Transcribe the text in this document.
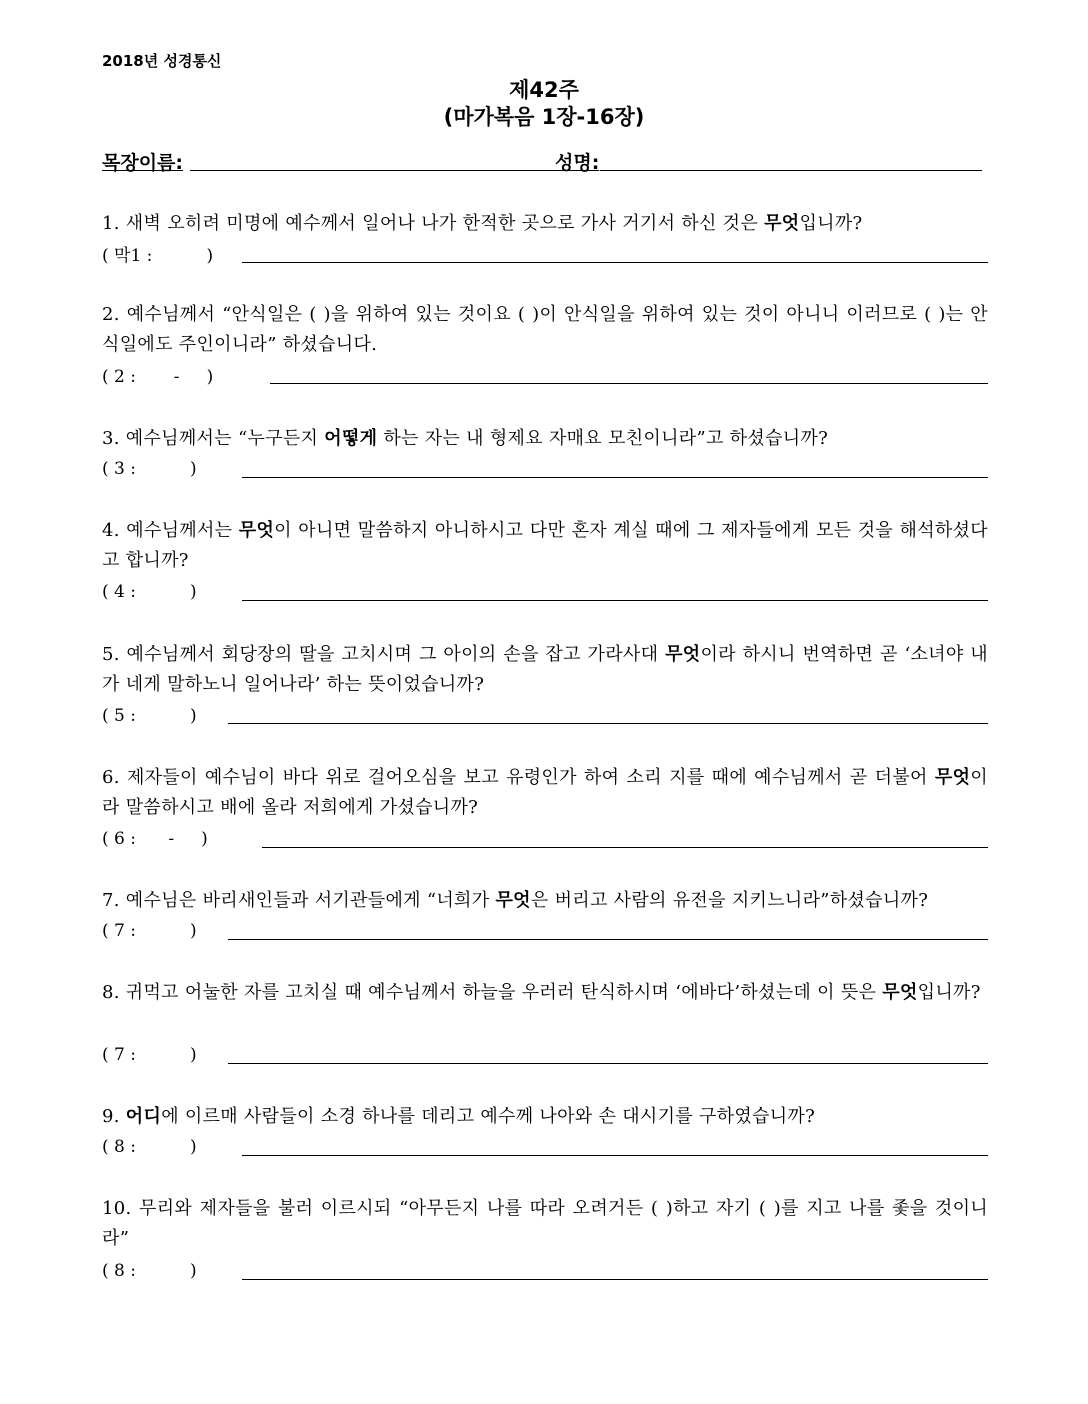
2018년 성경통신
제42주
(마가복음 1장-16장)
목장이름:	성명:
1. 새벽 오히려 미명에 예수께서 일어나 나가 한적한 곳으로 가사 거기서 하신 것은 무엇입니까?
( 막1 :          )
2. 예수님께서 “안식일은 ( )을 위하여 있는 것이요 ( )이 안식일을 위하여 있는 것이 아니니 이러므로 ( )는 안식일에도 주인이니라” 하셨습니다.
( 2 :       -     )
3. 예수님께서는 “누구든지 어떻게 하는 자는 내 형제요 자매요 모친이니라”고 하셨습니까?
( 3 :          )
4. 예수님께서는 무엇이 아니면 말씀하지 아니하시고 다만 혼자 계실 때에 그 제자들에게 모든 것을 해석하셨다고 합니까?
( 4 :          )
5. 예수님께서 회당장의 딸을 고치시며 그 아이의 손을 잡고 가라사대 무엇이라 하시니 번역하면 곧 ‘소녀야 내가 네게 말하노니 일어나라’ 하는 뜻이었습니까?
( 5 :          )
6. 제자들이 예수님이 바다 위로 걸어오심을 보고 유령인가 하여 소리 지를 때에 예수님께서 곧 더불어 무엇이라 말씀하시고 배에 올라 저희에게 가셨습니까?
( 6 :      -     )
7. 예수님은 바리새인들과 서기관들에게 “너희가 무엇은 버리고 사람의 유전을 지키느니라”하셨습니까?
( 7 :          )
8. 귀먹고 어눌한 자를 고치실 때 예수님께서 하늘을 우러러 탄식하시며 ‘에바다’하셨는데 이 뜻은 무엇입니까?
( 7 :          )
9. 어디에 이르매 사람들이 소경 하나를 데리고 예수께 나아와 손 대시기를 구하였습니까?
( 8 :          )
10. 무리와 제자들을 불러 이르시되 “아무든지 나를 따라 오려거든 ( )하고 자기 ( )를 지고 나를 좇을 것이니라”
( 8 :          )
